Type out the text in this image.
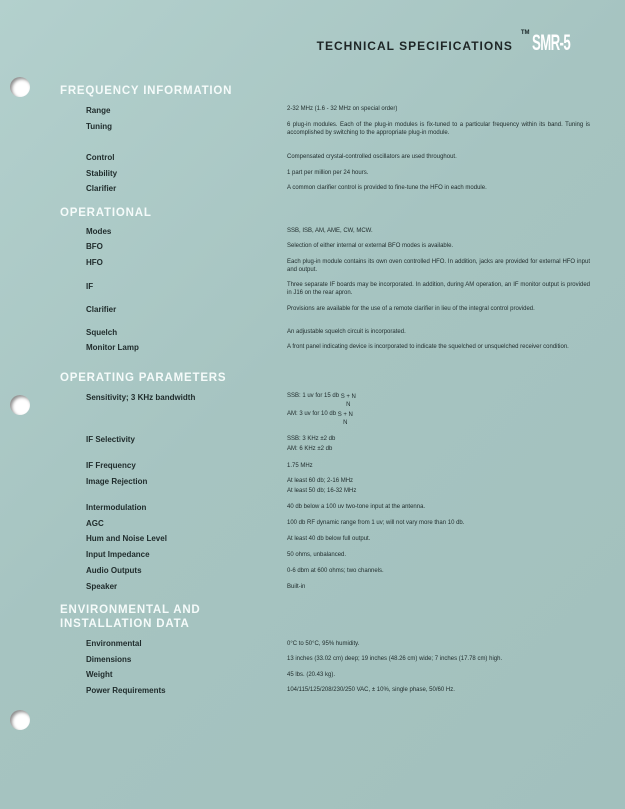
TECHNICAL SPECIFICATIONS™SMR-5
FREQUENCY INFORMATION
Range	2-32 MHz (1.6 - 32 MHz on special order)
Tuning	6 plug-in modules. Each of the plug-in modules is fix-tuned to a particular frequency within its band. Tuning is accomplished by switching to the appropriate plug-in module.
Control	Compensated crystal-controlled oscillators are used throughout.
Stability	1 part per million per 24 hours.
Clarifier	A common clarifier control is provided to fine-tune the HFO in each module.
OPERATIONAL
Modes	SSB, ISB, AM, AME, CW, MCW.
BFO	Selection of either internal or external BFO modes is available.
HFO	Each plug-in module contains its own oven controlled HFO. In addition, jacks are provided for external HFO input and output.
IF	Three separate IF boards may be incorporated. In addition, during AM operation, an IF monitor output is provided in J16 on the rear apron.
Clarifier	Provisions are available for the use of a remote clarifier in lieu of the integral control provided.
Squelch	An adjustable squelch circuit is incorporated.
Monitor Lamp	A front panel indicating device is incorporated to indicate the squelched or unsquelched receiver condition.
OPERATING PARAMETERS
Sensitivity; 3 KHz bandwidth	SSB: 1 uv for 15 db S + N
N
AM: 3 uv for 10 db S + N
N
IF Selectivity	SSB: 3 KHz ±2 db
AM: 6 KHz ±2 db
IF Frequency	1.75 MHz
Image Rejection	At least 60 db; 2-16 MHz
At least 50 db; 16-32 MHz
Intermodulation	40 db below a 100 uv two-tone input at the antenna.
AGC	100 db RF dynamic range from 1 uv; will not vary more than 10 db.
Hum and Noise Level	At least 40 db below full output.
Input Impedance	50 ohms, unbalanced.
Audio Outputs	0-6 dbm at 600 ohms; two channels.
Speaker	Built-in
ENVIRONMENTAL AND
INSTALLATION DATA
Environmental	0°C to 50°C, 95% humidity.
Dimensions	13 inches (33.02 cm) deep; 19 inches (48.26 cm) wide; 7 inches (17.78 cm) high.
Weight	45 lbs. (20.43 kg).
Power Requirements	104/115/125/208/230/250 VAC, ± 10%, single phase, 50/60 Hz.
